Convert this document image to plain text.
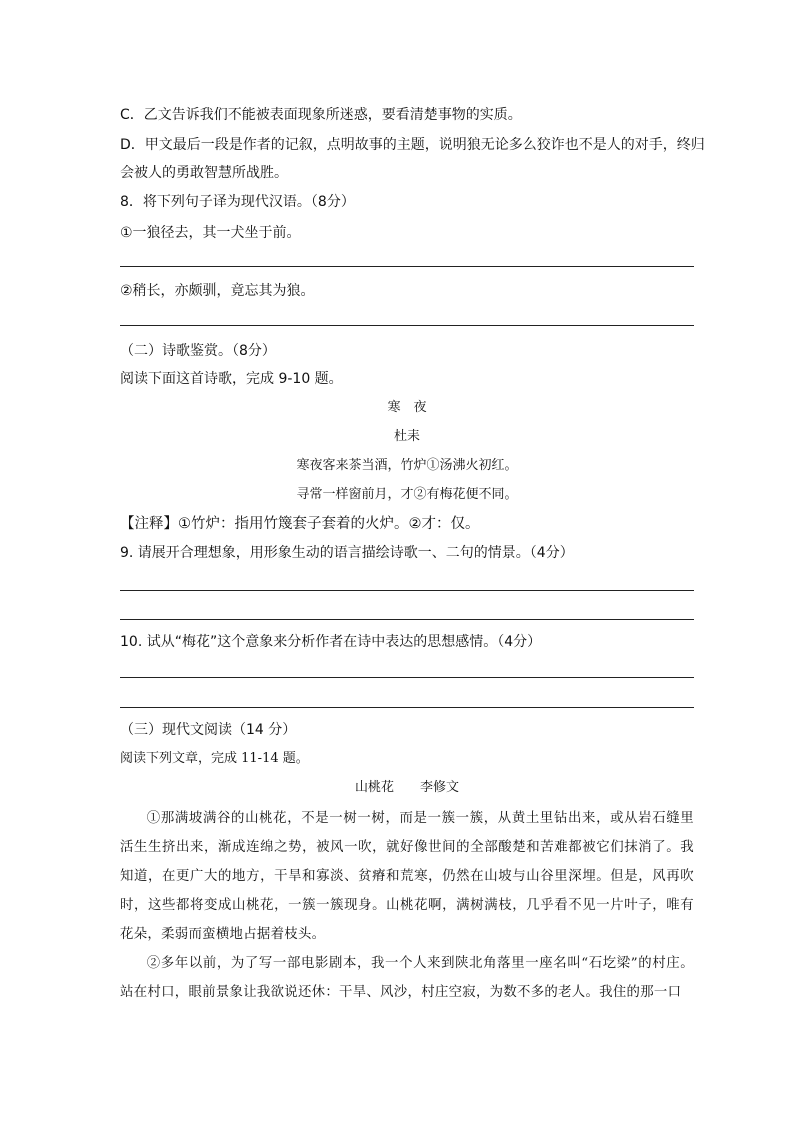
C．乙文告诉我们不能被表面现象所迷惑，要看清楚事物的实质。
D．甲文最后一段是作者的记叙，点明故事的主题，说明狼无论多么狡诈也不是人的对手，终归
会被人的勇敢智慧所战胜。
8．将下列句子译为现代汉语。（8分）
①一狼径去，其一犬坐于前。
②稍长，亦颇驯，竟忘其为狼。
（二）诗歌鉴赏。（8分）
阅读下面这首诗歌，完成 9-10 题。
寒　夜
杜耒
寒夜客来茶当酒，竹炉①汤沸火初红。
寻常一样窗前月，才②有梅花便不同。
【注释】①竹炉：指用竹篾套子套着的火炉。②才：仅。
9. 请展开合理想象，用形象生动的语言描绘诗歌一、二句的情景。（4分）
10. 试从“梅花”这个意象来分析作者在诗中表达的思想感情。（4分）
（三）现代文阅读（14 分）
阅读下列文章，完成 11-14 题。
山桃花　　李修文

①那满坡满谷的山桃花，不是一树一树，而是一簇一簇，从黄土里钻出来，或从岩石缝里活生生挤出来，渐成连绵之势，被风一吹，就好像世间的全部酸楚和苦难都被它们抹消了。我知道，在更广大的地方，干旱和寡淡、贫瘠和荒寒，仍然在山坡与山谷里深埋。但是，风再吹时，这些都将变成山桃花，一簇一簇现身。山桃花啊，满树满枝，几乎看不见一片叶子，唯有花朵，柔弱而蛮横地占据着枝头。

②多年以前，为了写一部电影剧本，我一个人来到陕北角落里一座名叫“石圪梁”的村庄。站在村口，眼前景象让我欲说还休：干旱、风沙，村庄空寂，为数不多的老人。我住的那一口
